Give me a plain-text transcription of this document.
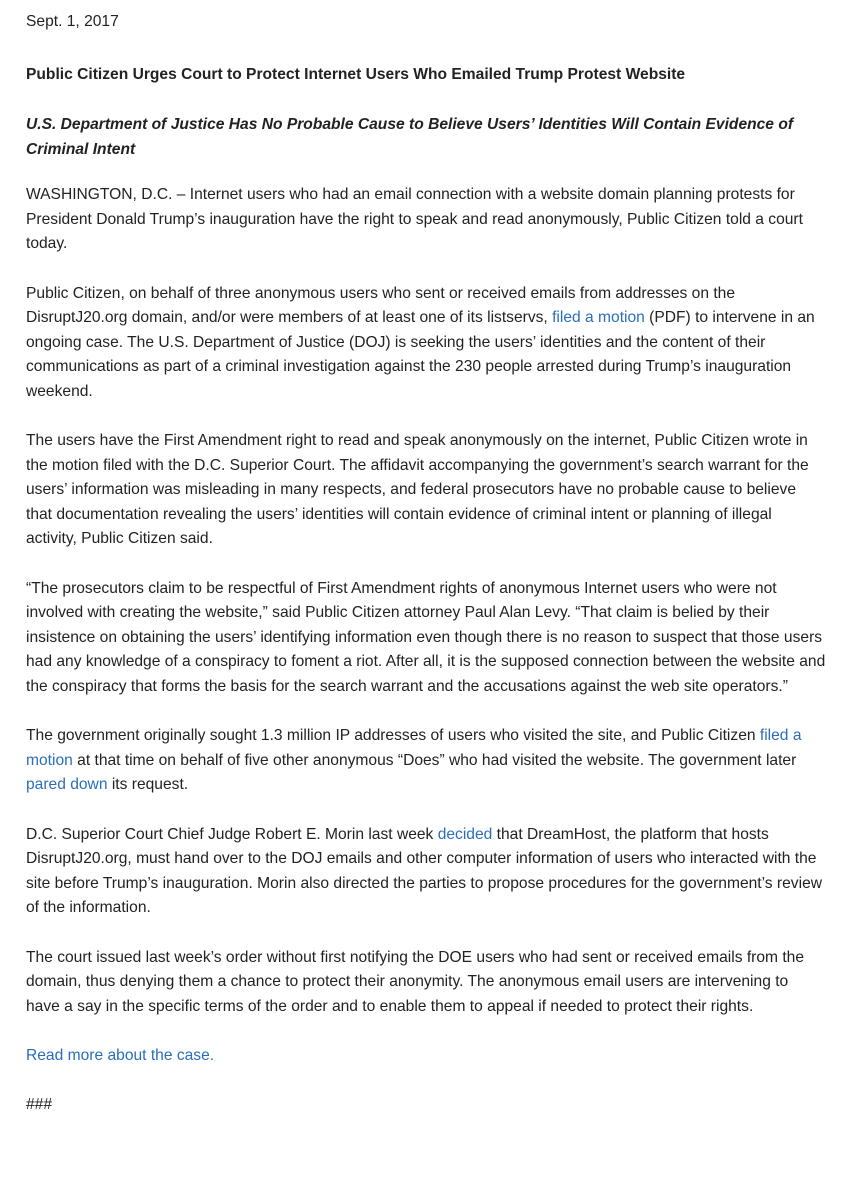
Sept. 1, 2017
Public Citizen Urges Court to Protect Internet Users Who Emailed Trump Protest Website
U.S. Department of Justice Has No Probable Cause to Believe Users’ Identities Will Contain Evidence of Criminal Intent

WASHINGTON, D.C. – Internet users who had an email connection with a website domain planning protests for President Donald Trump’s inauguration have the right to speak and read anonymously, Public Citizen told a court today.

Public Citizen, on behalf of three anonymous users who sent or received emails from addresses on the DisruptJ20.org domain, and/or were members of at least one of its listservs, filed a motion (PDF) to intervene in an ongoing case. The U.S. Department of Justice (DOJ) is seeking the users’ identities and the content of their communications as part of a criminal investigation against the 230 people arrested during Trump’s inauguration weekend.

The users have the First Amendment right to read and speak anonymously on the internet, Public Citizen wrote in the motion filed with the D.C. Superior Court. The affidavit accompanying the government’s search warrant for the users’ information was misleading in many respects, and federal prosecutors have no probable cause to believe that documentation revealing the users’ identities will contain evidence of criminal intent or planning of illegal activity, Public Citizen said.

“The prosecutors claim to be respectful of First Amendment rights of anonymous Internet users who were not involved with creating the website,” said Public Citizen attorney Paul Alan Levy. “That claim is belied by their insistence on obtaining the users’ identifying information even though there is no reason to suspect that those users had any knowledge of a conspiracy to foment a riot. After all, it is the supposed connection between the website and the conspiracy that forms the basis for the search warrant and the accusations against the web site operators.”

The government originally sought 1.3 million IP addresses of users who visited the site, and Public Citizen filed a motion at that time on behalf of five other anonymous “Does” who had visited the website. The government later pared down its request.

D.C. Superior Court Chief Judge Robert E. Morin last week decided that DreamHost, the platform that hosts DisruptJ20.org, must hand over to the DOJ emails and other computer information of users who interacted with the site before Trump’s inauguration. Morin also directed the parties to propose procedures for the government’s review of the information.

The court issued last week’s order without first notifying the DOE users who had sent or received emails from the domain, thus denying them a chance to protect their anonymity. The anonymous email users are intervening to have a say in the specific terms of the order and to enable them to appeal if needed to protect their rights.

Read more about the case.
###
